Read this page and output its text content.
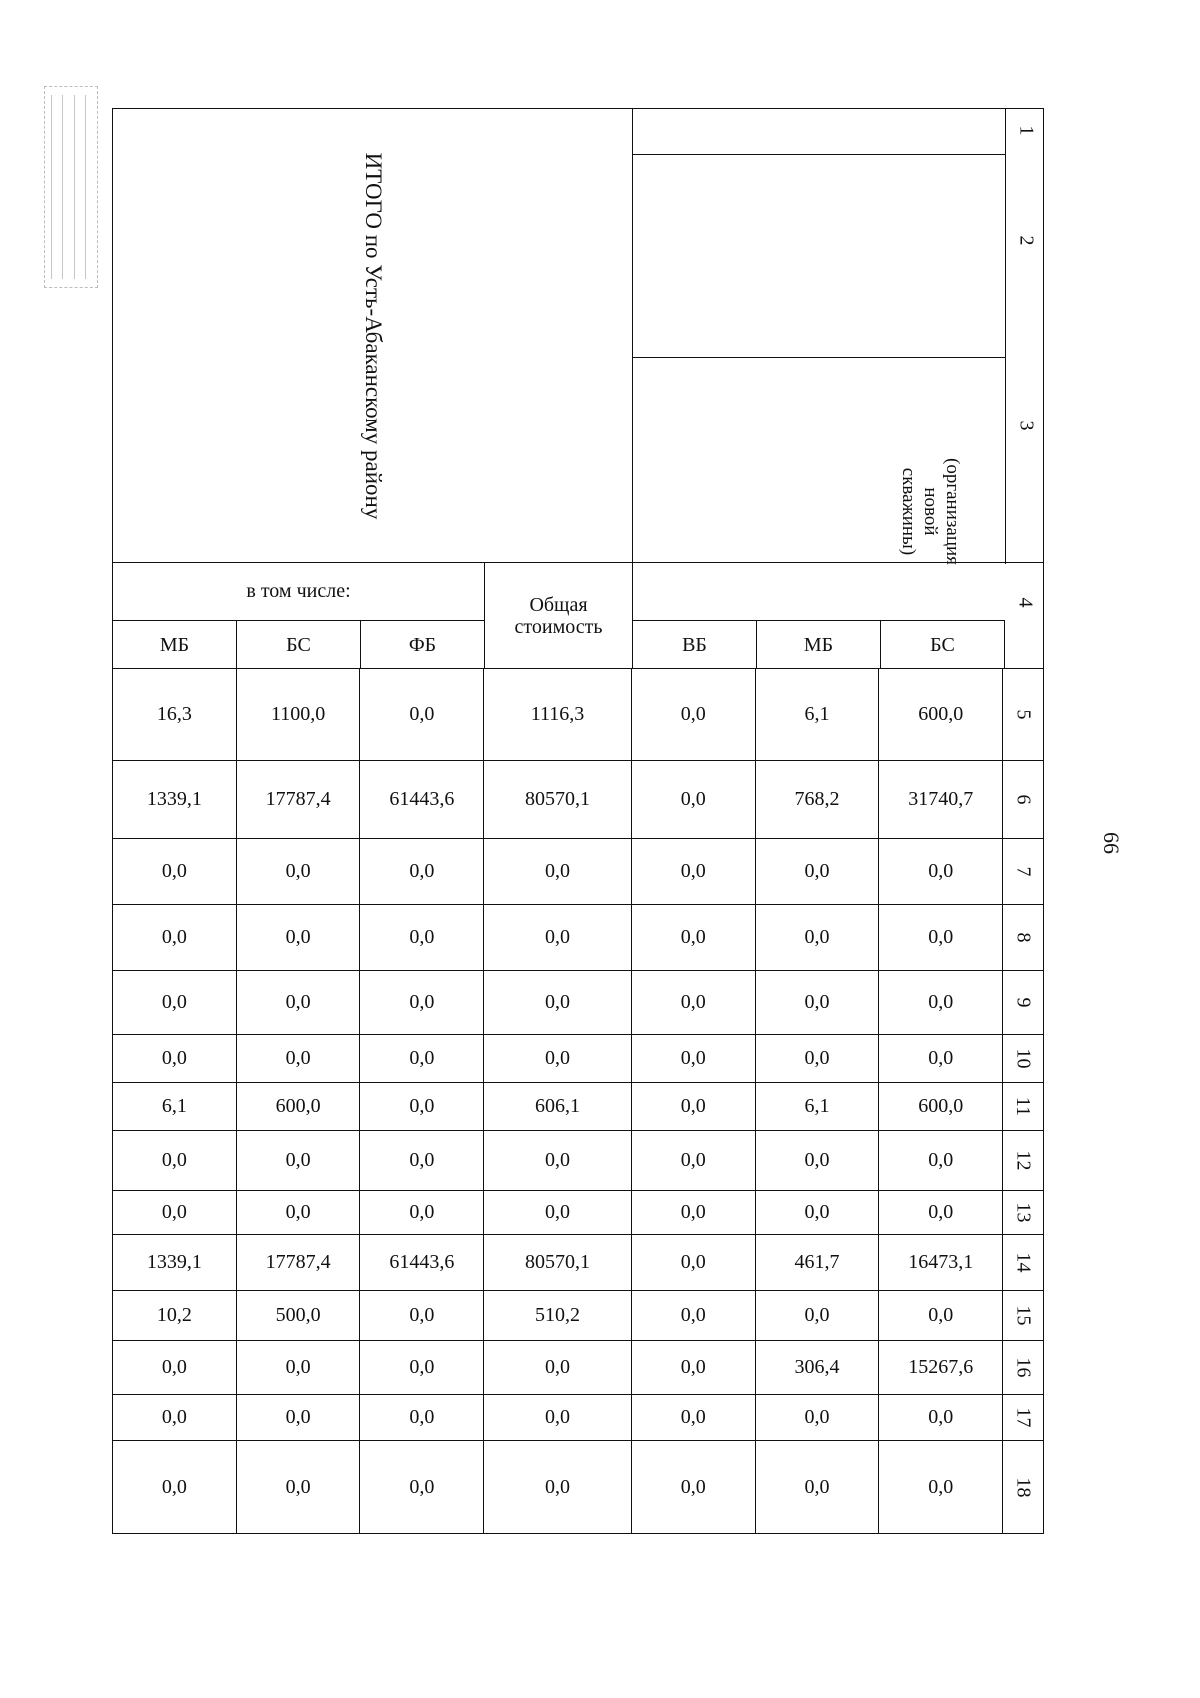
66
ИТОГО по Усть-Абаканскому району	(организация новой скважины)
1
2
3
в том числе:
Общая стоимость
МБ	БС	ФБ	ВБ	МБ	БС
4
16,3	1100,0	0,0	1116,3	0,0	6,1	600,0	5
1339,1	17787,4	61443,6	80570,1	0,0	768,2	31740,7	6
0,0	0,0	0,0	0,0	0,0	0,0	0,0	7
0,0	0,0	0,0	0,0	0,0	0,0	0,0	8
0,0	0,0	0,0	0,0	0,0	0,0	0,0	9
0,0	0,0	0,0	0,0	0,0	0,0	0,0	10
6,1	600,0	0,0	606,1	0,0	6,1	600,0	11
0,0	0,0	0,0	0,0	0,0	0,0	0,0	12
0,0	0,0	0,0	0,0	0,0	0,0	0,0	13
1339,1	17787,4	61443,6	80570,1	0,0	461,7	16473,1	14
10,2	500,0	0,0	510,2	0,0	0,0	0,0	15
0,0	0,0	0,0	0,0	0,0	306,4	15267,6	16
0,0	0,0	0,0	0,0	0,0	0,0	0,0	17
0,0	0,0	0,0	0,0	0,0	0,0	0,0	18
